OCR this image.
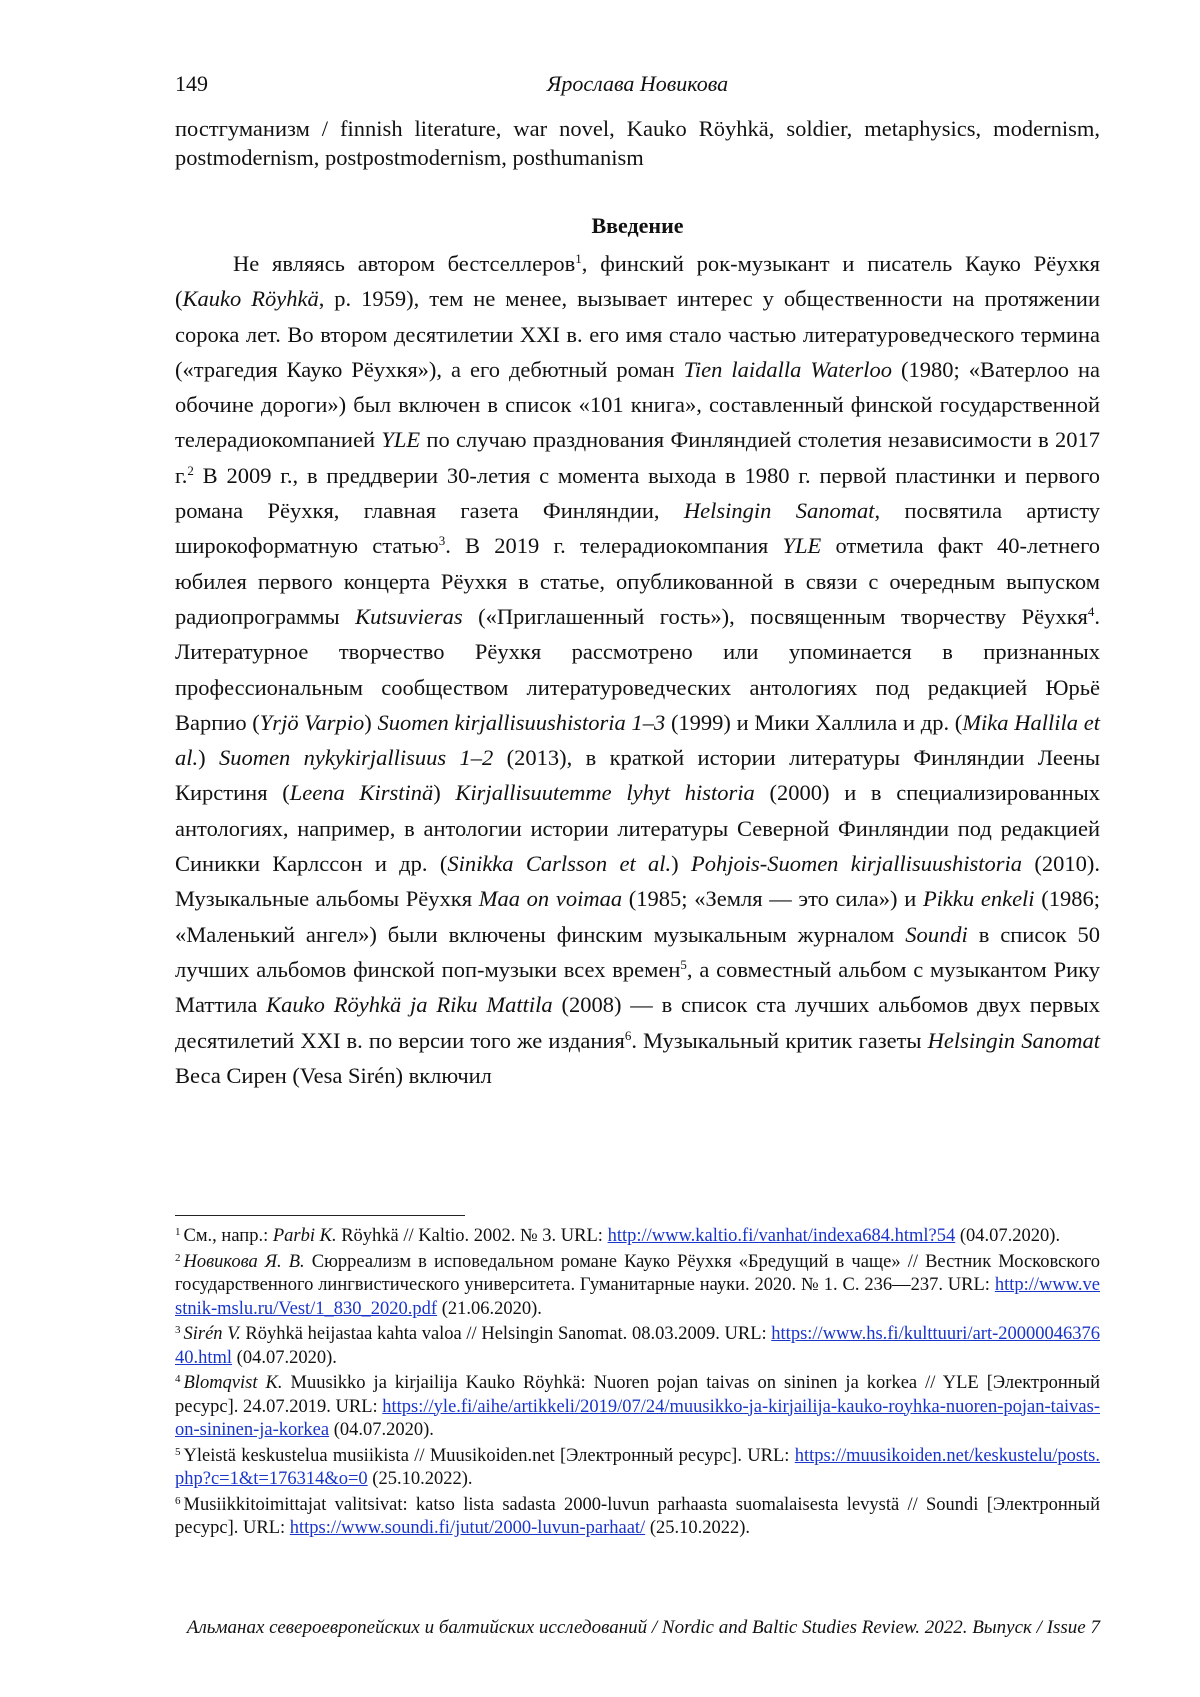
149	Ярослава Новикова
постгуманизм / finnish literature, war novel, Kauko Röyhkä, soldier, metaphysics, modernism, postmodernism, postpostmodernism, posthumanism
Введение

Не являясь автором бестселлеров$^1$, финский рок-музыкант и писатель Кауко Рёухкя (Kauko Röyhkä, р. 1959), тем не менее, вызывает интерес у общественности на протяжении сорока лет. Во втором десятилетии XXI в. его имя стало частью литературоведческого термина («трагедия Кауко Рёухкя»), а его дебютный роман Tien laidalla Waterloo (1980; «Ватерлоо на обочине дороги») был включен в список «101 книга», составленный финской государственной телерадиокомпанией YLE по случаю празднования Финляндией столетия независимости в 2017 г.$^2$ В 2009 г., в преддверии 30-летия с момента выхода в 1980 г. первой пластинки и первого романа Рёухкя, главная газета Финляндии, Helsingin Sanomat, посвятила артисту широкоформатную статью$^3$. В 2019 г. телерадиокомпания YLE отметила факт 40-летнего юбилея первого концерта Рёухкя в статье, опубликованной в связи с очередным выпуском радиопрограммы Kutsuvieras («Приглашенный гость»), посвященным творчеству Рёухкя$^4$. Литературное творчество Рёухкя рассмотрено или упоминается в признанных профессиональным сообществом литературоведческих антологиях под редакцией Юрьё Варпио (Yrjö Varpio) Suomen kirjallisuushistoria 1–3 (1999) и Мики Халлила и др. (Mika Hallila et al.) Suomen nykykirjallisuus 1–2 (2013), в краткой истории литературы Финляндии Леены Кирстиня (Leena Kirstinä) Kirjallisuutemme lyhyt historia (2000) и в специализированных антологиях, например, в антологии истории литературы Северной Финляндии под редакцией Синикки Карлссон и др. (Sinikka Carlsson et al.) Pohjois-Suomen kirjallisuushistoria (2010). Музыкальные альбомы Рёухкя Maa on voimaa (1985; «Земля — это сила») и Pikku enkeli (1986; «Маленький ангел») были включены финским музыкальным журналом Soundi в список 50 лучших альбомов финской поп-музыки всех времен$^5$, а совместный альбом с музыкантом Рику Маттила Kauko Röyhkä ja Riku Mattila (2008) — в список ста лучших альбомов двух первых десятилетий XXI в. по версии того же издания$^6$. Музыкальный критик газеты Helsingin Sanomat Веса Сирен (Vesa Sirén) включил

$^1$ См., напр.: Parbi K. Röyhkä // Kaltio. 2002. № 3. URL: http://www.kaltio.fi/vanhat/indexa684.html?54 (04.07.2020).

$^2$ Новикова Я. В. Сюрреализм в исповедальном романе Кауко Рёухкя «Бредущий в чаще» // Вестник Московского государственного лингвистического университета. Гуманитарные науки. 2020. № 1. С. 236—237. URL: http://www.vestnik-mslu.ru/Vest/1_830_2020.pdf (21.06.2020).

$^3$ Sirén V. Röyhkä heijastaa kahta valoa // Helsingin Sanomat. 08.03.2009. URL: https://www.hs.fi/kulttuuri/art-2000004637640.html (04.07.2020).

$^4$ Blomqvist K. Muusikko ja kirjailija Kauko Röyhkä: Nuoren pojan taivas on sininen ja korkea // YLE [Электронный ресурс]. 24.07.2019. URL: https://yle.fi/aihe/artikkeli/2019/07/24/muusikko-ja-kirjailija-kauko-royhka-nuoren-pojan-taivas-on-sininen-ja-korkea (04.07.2020).

$^5$ Yleistä keskustelua musiikista // Muusikoiden.net [Электронный ресурс]. URL: https://muusikoiden.net/keskustelu/posts.php?c=1&t=176314&o=0 (25.10.2022).

$^6$ Musiikkitoimittajat valitsivat: katso lista sadasta 2000-luvun parhaasta suomalaisesta levystä // Soundi [Электронный ресурс]. URL: https://www.soundi.fi/jutut/2000-luvun-parhaat/ (25.10.2022).

Альманах североевропейских и балтийских исследований / Nordic and Baltic Studies Review. 2022. Выпуск / Issue 7
